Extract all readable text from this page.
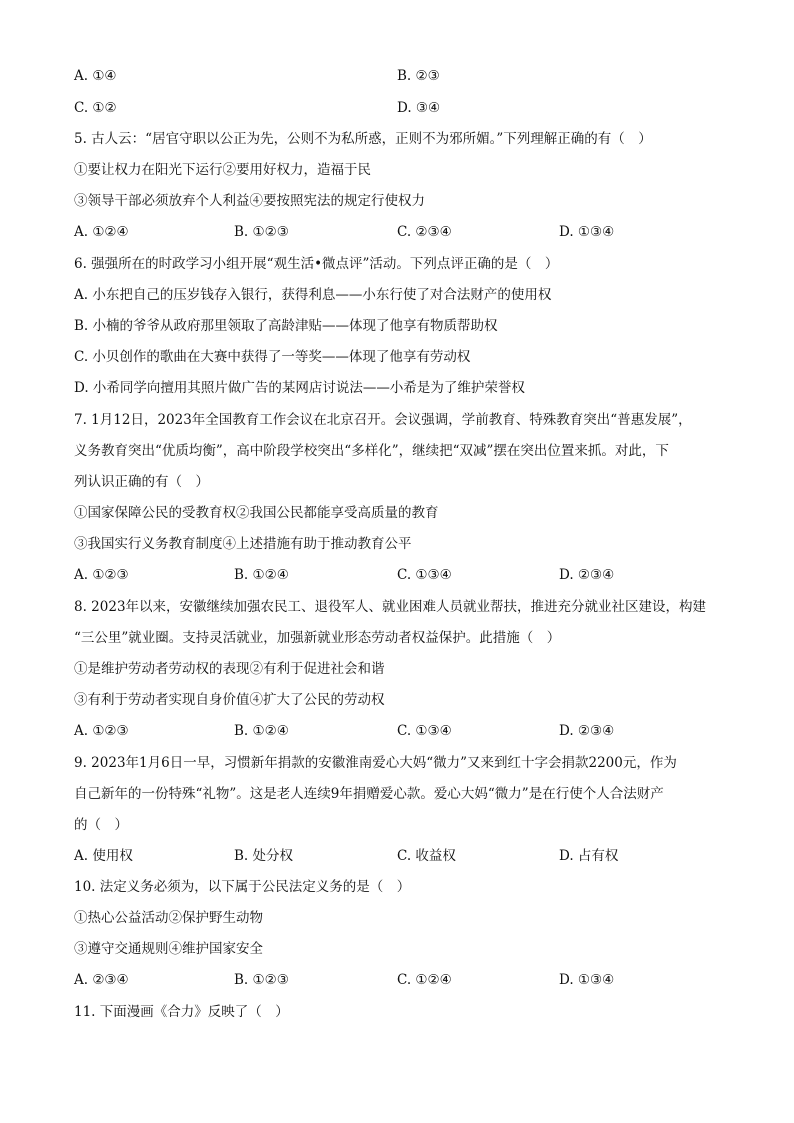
A. ①④	B. ②③
C. ①②	D. ③④
5. 古人云：“居官守职以公正为先，公则不为私所惑，正则不为邪所媚。”下列理解正确的有（　）
①要让权力在阳光下运行②要用好权力，造福于民
③领导干部必须放弃个人利益④要按照宪法的规定行使权力
A. ①②④	B. ①②③	C. ②③④	D. ①③④
6. 强强所在的时政学习小组开展“观生活•微点评”活动。下列点评正确的是（　）
A. 小东把自己的压岁钱存入银行，获得利息——小东行使了对合法财产的使用权
B. 小楠的爷爷从政府那里领取了高龄津贴——体现了他享有物质帮助权
C. 小贝创作的歌曲在大赛中获得了一等奖——体现了他享有劳动权
D. 小希同学向擅用其照片做广告的某网店讨说法——小希是为了维护荣誉权
7. 1月12日，2023年全国教育工作会议在北京召开。会议强调，学前教育、特殊教育突出“普惠发展”，
义务教育突出“优质均衡”，高中阶段学校突出“多样化”，继续把“双减”摆在突出位置来抓。对此，下
列认识正确的有（　）
①国家保障公民的受教育权②我国公民都能享受高质量的教育
③我国实行义务教育制度④上述措施有助于推动教育公平
A. ①②③	B. ①②④	C. ①③④	D. ②③④
8. 2023年以来，安徽继续加强农民工、退役军人、就业困难人员就业帮扶，推进充分就业社区建设，构建
“三公里”就业圈。支持灵活就业，加强新就业形态劳动者权益保护。此措施（　）
①是维护劳动者劳动权的表现②有利于促进社会和谐
③有利于劳动者实现自身价值④扩大了公民的劳动权
A. ①②③	B. ①②④	C. ①③④	D. ②③④
9. 2023年1月6日一早，习惯新年捐款的安徽淮南爱心大妈“微力”又来到红十字会捐款2200元，作为
自己新年的一份特殊“礼物”。这是老人连续9年捐赠爱心款。爱心大妈“微力”是在行使个人合法财产
的（　）
A. 使用权	B. 处分权	C. 收益权	D. 占有权
10. 法定义务必须为，以下属于公民法定义务的是（　）
①热心公益活动②保护野生动物
③遵守交通规则④维护国家安全
A. ②③④	B. ①②③	C. ①②④	D. ①③④
11. 下面漫画《合力》反映了（　）
